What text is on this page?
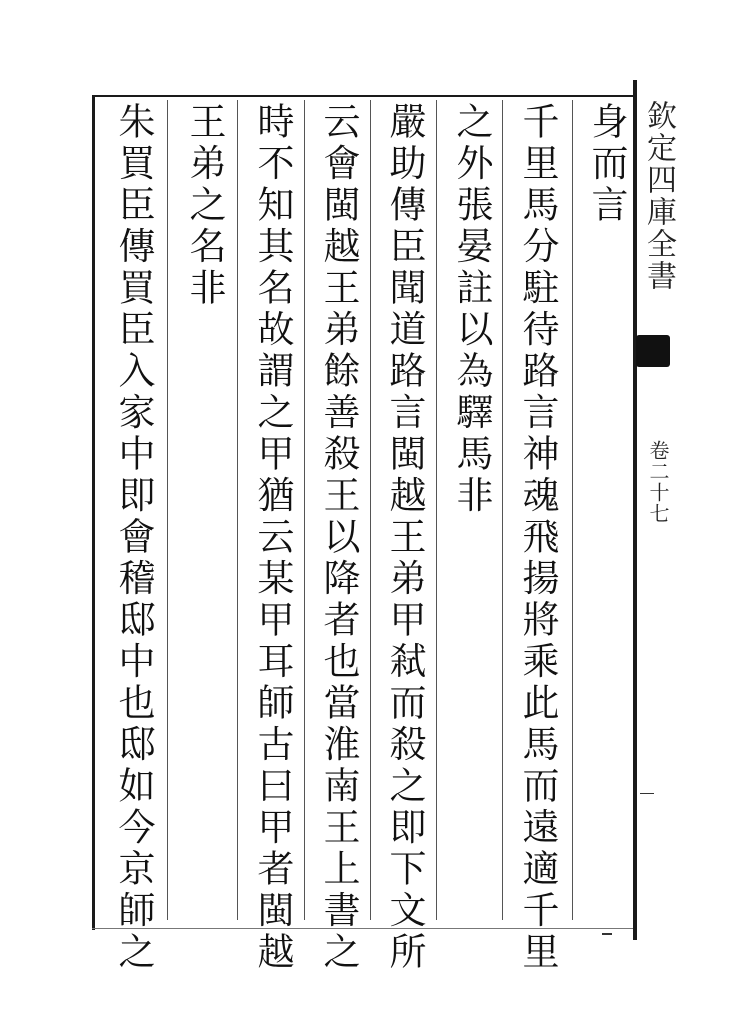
身而言
千里馬分駐待路言神魂飛揚將乘此馬而遠適千里
之外張晏註以為驛馬非
嚴助傳臣聞道路言閩越王弟甲弒而殺之即下文所
云會閩越王弟餘善殺王以降者也當淮南王上書之
時不知其名故謂之甲猶云某甲耳師古曰甲者閩越
王弟之名非
朱買臣傳買臣入家中即會稽邸中也邸如今京師之	欽定四庫全書
卷二十七
